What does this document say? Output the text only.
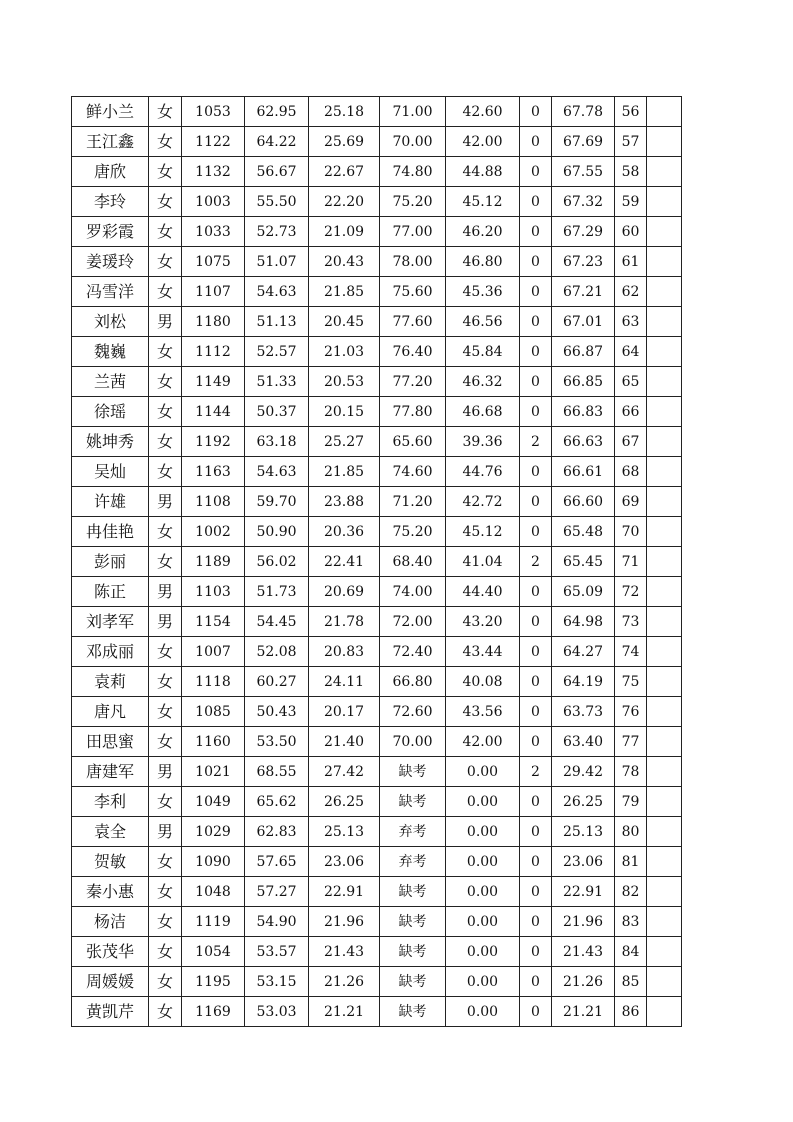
鲜小兰	女	1053	62.95	25.18	71.00	42.60	0	67.78	56	
王江鑫	女	1122	64.22	25.69	70.00	42.00	0	67.69	57	
唐欣	女	1132	56.67	22.67	74.80	44.88	0	67.55	58	
李玲	女	1003	55.50	22.20	75.20	45.12	0	67.32	59	
罗彩霞	女	1033	52.73	21.09	77.00	46.20	0	67.29	60	
姜瑗玲	女	1075	51.07	20.43	78.00	46.80	0	67.23	61	
冯雪洋	女	1107	54.63	21.85	75.60	45.36	0	67.21	62	
刘松	男	1180	51.13	20.45	77.60	46.56	0	67.01	63	
魏巍	女	1112	52.57	21.03	76.40	45.84	0	66.87	64	
兰茜	女	1149	51.33	20.53	77.20	46.32	0	66.85	65	
徐瑶	女	1144	50.37	20.15	77.80	46.68	0	66.83	66	
姚坤秀	女	1192	63.18	25.27	65.60	39.36	2	66.63	67	
吴灿	女	1163	54.63	21.85	74.60	44.76	0	66.61	68	
许雄	男	1108	59.70	23.88	71.20	42.72	0	66.60	69	
冉佳艳	女	1002	50.90	20.36	75.20	45.12	0	65.48	70	
彭丽	女	1189	56.02	22.41	68.40	41.04	2	65.45	71	
陈正	男	1103	51.73	20.69	74.00	44.40	0	65.09	72	
刘孝军	男	1154	54.45	21.78	72.00	43.20	0	64.98	73	
邓成丽	女	1007	52.08	20.83	72.40	43.44	0	64.27	74	
袁莉	女	1118	60.27	24.11	66.80	40.08	0	64.19	75	
唐凡	女	1085	50.43	20.17	72.60	43.56	0	63.73	76	
田思蜜	女	1160	53.50	21.40	70.00	42.00	0	63.40	77	
唐建军	男	1021	68.55	27.42	缺考	0.00	2	29.42	78	
李利	女	1049	65.62	26.25	缺考	0.00	0	26.25	79	
袁全	男	1029	62.83	25.13	弃考	0.00	0	25.13	80	
贺敏	女	1090	57.65	23.06	弃考	0.00	0	23.06	81	
秦小惠	女	1048	57.27	22.91	缺考	0.00	0	22.91	82	
杨洁	女	1119	54.90	21.96	缺考	0.00	0	21.96	83	
张茂华	女	1054	53.57	21.43	缺考	0.00	0	21.43	84	
周媛媛	女	1195	53.15	21.26	缺考	0.00	0	21.26	85	
黄凯芹	女	1169	53.03	21.21	缺考	0.00	0	21.21	86	
